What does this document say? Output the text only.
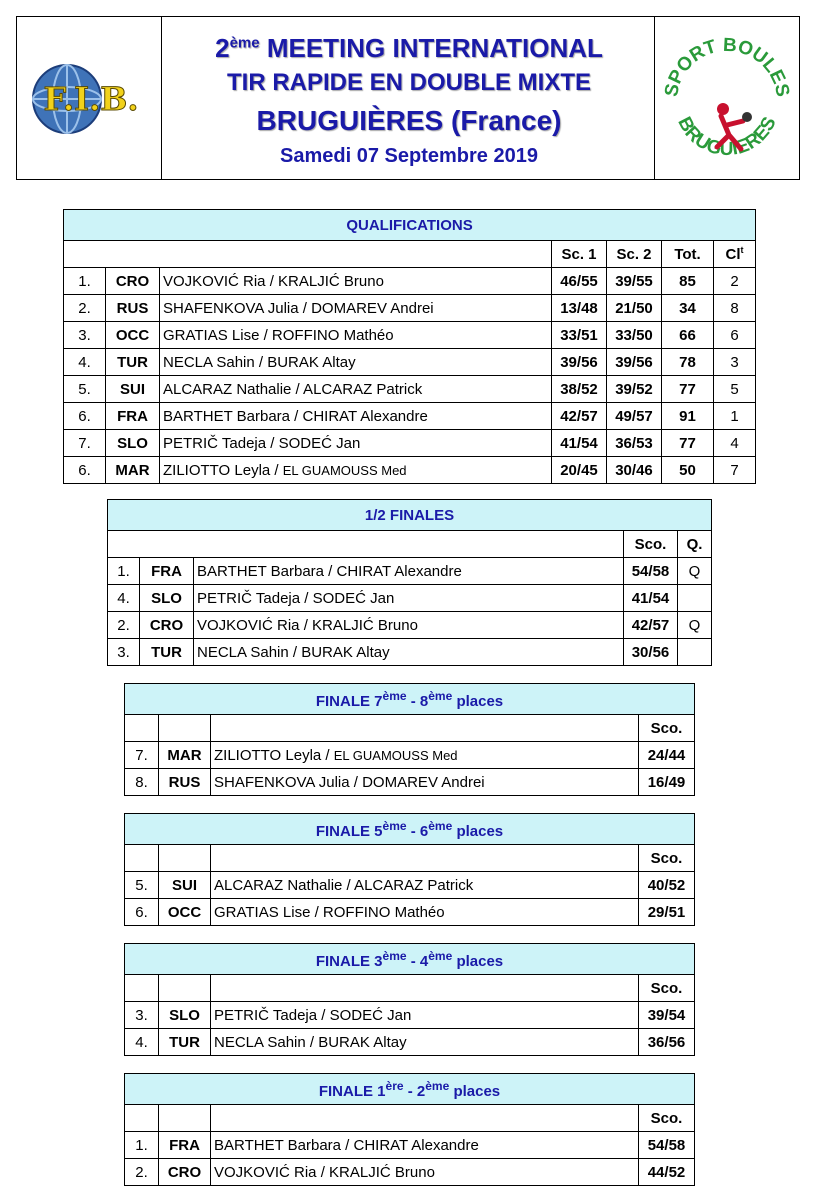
F.I.B.
2ème MEETING INTERNATIONAL
TIR RAPIDE EN DOUBLE MIXTE
BRUGUIÈRES (France)
Samedi 07 Septembre 2019
SPORT BOULES
BRUGUIERES
QUALIFICATIONS						
			Sc. 1	Sc. 2	Tot.	Cl$^t$
1.	CRO	VOJKOVIĆ Ria / KRALJIĆ Bruno	46/55	39/55	85	2
2.	RUS	SHAFENKOVA Julia / DOMAREV Andrei	13/48	21/50	34	8
3.	OCC	GRATIAS Lise / ROFFINO Mathéo	33/51	33/50	66	6
4.	TUR	NECLA Sahin / BURAK Altay	39/56	39/56	78	3
5.	SUI	ALCARAZ Nathalie / ALCARAZ Patrick	38/52	39/52	77	5
6.	FRA	BARTHET Barbara / CHIRAT Alexandre	42/57	49/57	91	1
7.	SLO	PETRIČ Tadeja / SODEĆ Jan	41/54	36/53	77	4
6.	MAR	ZILIOTTO Leyla / EL GUAMOUSS Med	20/45	30/46	50	7
1/2 FINALES				
			Sco.	Q.
1.	FRA	BARTHET Barbara / CHIRAT Alexandre	54/58	Q
4.	SLO	PETRIČ Tadeja / SODEĆ Jan	41/54	
2.	CRO	VOJKOVIĆ Ria / KRALJIĆ Bruno	42/57	Q
3.	TUR	NECLA Sahin / BURAK Altay	30/56	
FINALE 7ème - 8ème places			
			Sco.
7.	MAR	ZILIOTTO Leyla / EL GUAMOUSS Med	24/44
8.	RUS	SHAFENKOVA Julia / DOMAREV Andrei	16/49
FINALE 5ème - 6ème places			
			Sco.
5.	SUI	ALCARAZ Nathalie / ALCARAZ Patrick	40/52
6.	OCC	GRATIAS Lise / ROFFINO Mathéo	29/51
FINALE 3ème - 4ème places			
			Sco.
3.	SLO	PETRIČ Tadeja / SODEĆ Jan	39/54
4.	TUR	NECLA Sahin / BURAK Altay	36/56
FINALE 1ère - 2ème places			
			Sco.
1.	FRA	BARTHET Barbara / CHIRAT Alexandre	54/58
2.	CRO	VOJKOVIĆ Ria / KRALJIĆ Bruno	44/52
